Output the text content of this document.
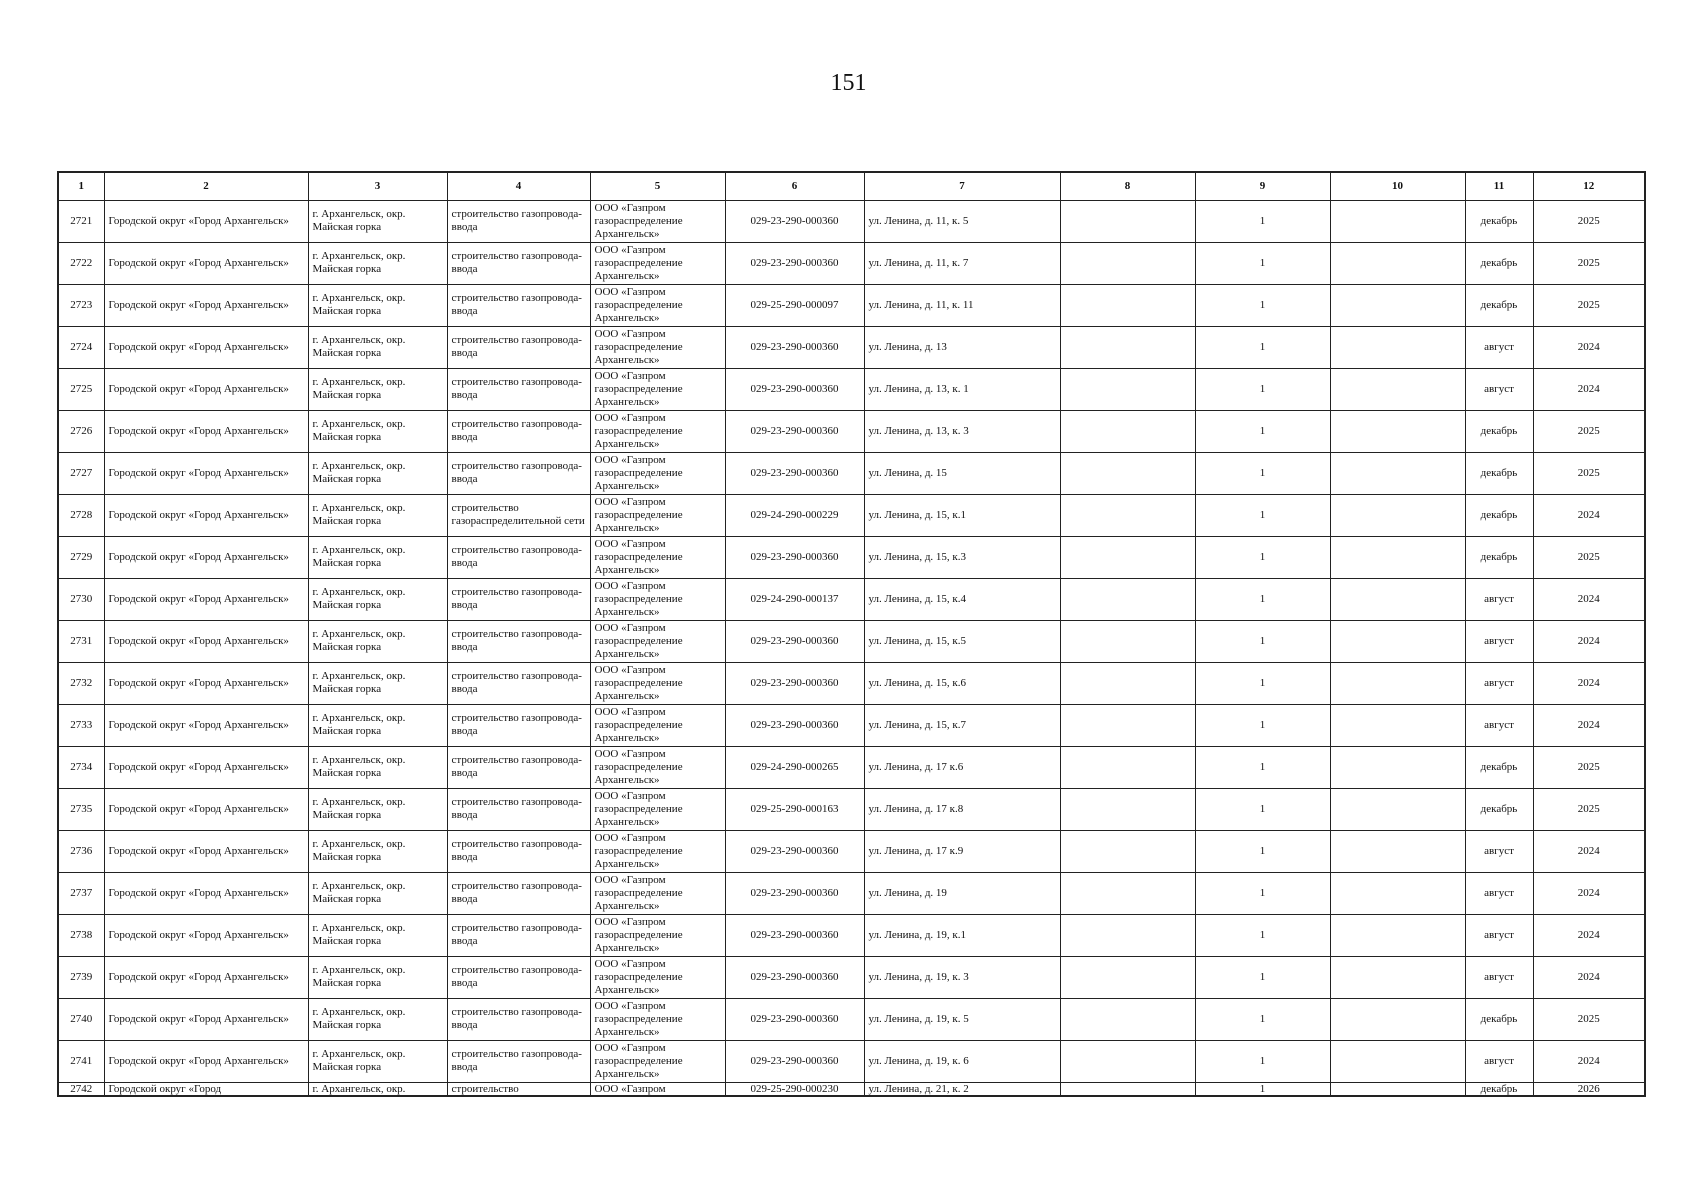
151
1	2	3	4	5	6	7	8	9	10	11	12
2721	Городской округ «Город Архангельск»	г. Архангельск, окр. Майская горка	строительство газопровода-ввода	ООО «Газпром газораспределение Архангельск»	029-23-290-000360	ул. Ленина, д. 11, к. 5		1		декабрь	2025
2722	Городской округ «Город Архангельск»	г. Архангельск, окр. Майская горка	строительство газопровода-ввода	ООО «Газпром газораспределение Архангельск»	029-23-290-000360	ул. Ленина, д. 11, к. 7		1		декабрь	2025
2723	Городской округ «Город Архангельск»	г. Архангельск, окр. Майская горка	строительство газопровода-ввода	ООО «Газпром газораспределение Архангельск»	029-25-290-000097	ул. Ленина, д. 11, к. 11		1		декабрь	2025
2724	Городской округ «Город Архангельск»	г. Архангельск, окр. Майская горка	строительство газопровода-ввода	ООО «Газпром газораспределение Архангельск»	029-23-290-000360	ул. Ленина, д. 13		1		август	2024
2725	Городской округ «Город Архангельск»	г. Архангельск, окр. Майская горка	строительство газопровода-ввода	ООО «Газпром газораспределение Архангельск»	029-23-290-000360	ул. Ленина, д. 13, к. 1		1		август	2024
2726	Городской округ «Город Архангельск»	г. Архангельск, окр. Майская горка	строительство газопровода-ввода	ООО «Газпром газораспределение Архангельск»	029-23-290-000360	ул. Ленина, д. 13, к. 3		1		декабрь	2025
2727	Городской округ «Город Архангельск»	г. Архангельск, окр. Майская горка	строительство газопровода-ввода	ООО «Газпром газораспределение Архангельск»	029-23-290-000360	ул. Ленина, д. 15		1		декабрь	2025
2728	Городской округ «Город Архангельск»	г. Архангельск, окр. Майская горка	строительство газораспределительной сети	ООО «Газпром газораспределение Архангельск»	029-24-290-000229	ул. Ленина, д. 15, к.1		1		декабрь	2024
2729	Городской округ «Город Архангельск»	г. Архангельск, окр. Майская горка	строительство газопровода-ввода	ООО «Газпром газораспределение Архангельск»	029-23-290-000360	ул. Ленина, д. 15, к.3		1		декабрь	2025
2730	Городской округ «Город Архангельск»	г. Архангельск, окр. Майская горка	строительство газопровода-ввода	ООО «Газпром газораспределение Архангельск»	029-24-290-000137	ул. Ленина, д. 15, к.4		1		август	2024
2731	Городской округ «Город Архангельск»	г. Архангельск, окр. Майская горка	строительство газопровода-ввода	ООО «Газпром газораспределение Архангельск»	029-23-290-000360	ул. Ленина, д. 15, к.5		1		август	2024
2732	Городской округ «Город Архангельск»	г. Архангельск, окр. Майская горка	строительство газопровода-ввода	ООО «Газпром газораспределение Архангельск»	029-23-290-000360	ул. Ленина, д. 15, к.6		1		август	2024
2733	Городской округ «Город Архангельск»	г. Архангельск, окр. Майская горка	строительство газопровода-ввода	ООО «Газпром газораспределение Архангельск»	029-23-290-000360	ул. Ленина, д. 15, к.7		1		август	2024
2734	Городской округ «Город Архангельск»	г. Архангельск, окр. Майская горка	строительство газопровода-ввода	ООО «Газпром газораспределение Архангельск»	029-24-290-000265	ул. Ленина, д. 17 к.6		1		декабрь	2025
2735	Городской округ «Город Архангельск»	г. Архангельск, окр. Майская горка	строительство газопровода-ввода	ООО «Газпром газораспределение Архангельск»	029-25-290-000163	ул. Ленина, д. 17 к.8		1		декабрь	2025
2736	Городской округ «Город Архангельск»	г. Архангельск, окр. Майская горка	строительство газопровода-ввода	ООО «Газпром газораспределение Архангельск»	029-23-290-000360	ул. Ленина, д. 17 к.9		1		август	2024
2737	Городской округ «Город Архангельск»	г. Архангельск, окр. Майская горка	строительство газопровода-ввода	ООО «Газпром газораспределение Архангельск»	029-23-290-000360	ул. Ленина, д. 19		1		август	2024
2738	Городской округ «Город Архангельск»	г. Архангельск, окр. Майская горка	строительство газопровода-ввода	ООО «Газпром газораспределение Архангельск»	029-23-290-000360	ул. Ленина, д. 19, к.1		1		август	2024
2739	Городской округ «Город Архангельск»	г. Архангельск, окр. Майская горка	строительство газопровода-ввода	ООО «Газпром газораспределение Архангельск»	029-23-290-000360	ул. Ленина, д. 19, к. 3		1		август	2024
2740	Городской округ «Город Архангельск»	г. Архангельск, окр. Майская горка	строительство газопровода-ввода	ООО «Газпром газораспределение Архангельск»	029-23-290-000360	ул. Ленина, д. 19, к. 5		1		декабрь	2025
2741	Городской округ «Город Архангельск»	г. Архангельск, окр. Майская горка	строительство газопровода-ввода	ООО «Газпром газораспределение Архангельск»	029-23-290-000360	ул. Ленина, д. 19, к. 6		1		август	2024
2742	Городской округ «Город	г. Архангельск, окр.	строительство	ООО «Газпром	029-25-290-000230	ул. Ленина, д. 21, к. 2		1		декабрь	2026
